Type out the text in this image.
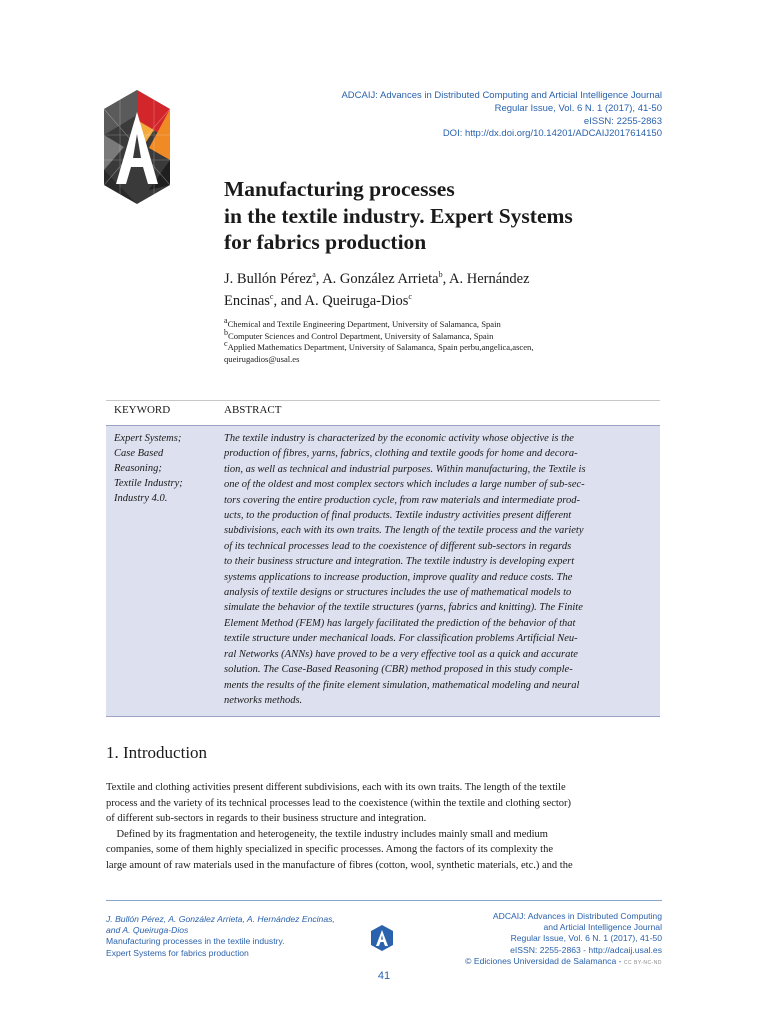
ADCAIJ: Advances in Distributed Computing and Articial Intelligence Journal
Regular Issue, Vol. 6 N. 1 (2017), 41-50
eISSN: 2255-2863
DOI: http://dx.doi.org/10.14201/ADCAIJ2017614150
Manufacturing processes
in the textile industry. Expert Systems
for fabrics production
J. Bullón Pérez$^a$, A. González Arrieta$^b$, A. Hernández
Encinas$^c$, and A. Queiruga-Dios$^c$
$^a$Chemical and Textile Engineering Department, University of Salamanca, Spain
$^b$Computer Sciences and Control Department, University of Salamanca, Spain
$^c$Applied Mathematics Department, University of Salamanca, Spain perbu,angelica,ascen,
queirugadios@usal.es
KEYWORD	ABSTRACT
Expert Systems;
Case Based
Reasoning;
Textile Industry;
Industry 4.0.
The textile industry is characterized by the economic activity whose objective is the
production of fibres, yarns, fabrics, clothing and textile goods for home and decora-
tion, as well as technical and industrial purposes. Within manufacturing, the Textile is
one of the oldest and most complex sectors which includes a large number of sub-sec-
tors covering the entire production cycle, from raw materials and intermediate prod-
ucts, to the production of final products. Textile industry activities present different
subdivisions, each with its own traits. The length of the textile process and the variety
of its technical processes lead to the coexistence of different sub-sectors in regards
to their business structure and integration. The textile industry is developing expert
systems applications to increase production, improve quality and reduce costs. The
analysis of textile designs or structures includes the use of mathematical models to
simulate the behavior of the textile structures (yarns, fabrics and knitting). The Finite
Element Method (FEM) has largely facilitated the prediction of the behavior of that
textile structure under mechanical loads. For classification problems Artificial Neu-
ral Networks (ANNs) have proved to be a very effective tool as a quick and accurate
solution. The Case-Based Reasoning (CBR) method proposed in this study comple-
ments the results of the finite element simulation, mathematical modeling and neural
networks methods.
1. Introduction
Textile and clothing activities present different subdivisions, each with its own traits. The length of the textile
process and the variety of its technical processes lead to the coexistence (within the textile and clothing sector)
of different sub-sectors in regards to their business structure and integration.
Defined by its fragmentation and heterogeneity, the textile industry includes mainly small and medium
companies, some of them highly specialized in specific processes. Among the factors of its complexity the
large amount of raw materials used in the manufacture of fibres (cotton, wool, synthetic materials, etc.) and the
J. Bullón Pérez, A. González Arrieta, A. Hernández Encinas,
and A. Queiruga-Dios
Manufacturing processes in the textile industry.
Expert Systems for fabrics production
ADCAIJ: Advances in Distributed Computing
and Articial Intelligence Journal
Regular Issue, Vol. 6 N. 1 (2017), 41-50
eISSN: 2255-2863 - http://adcaij.usal.es
© Ediciones Universidad de Salamanca - CC BY-NC-ND
41
